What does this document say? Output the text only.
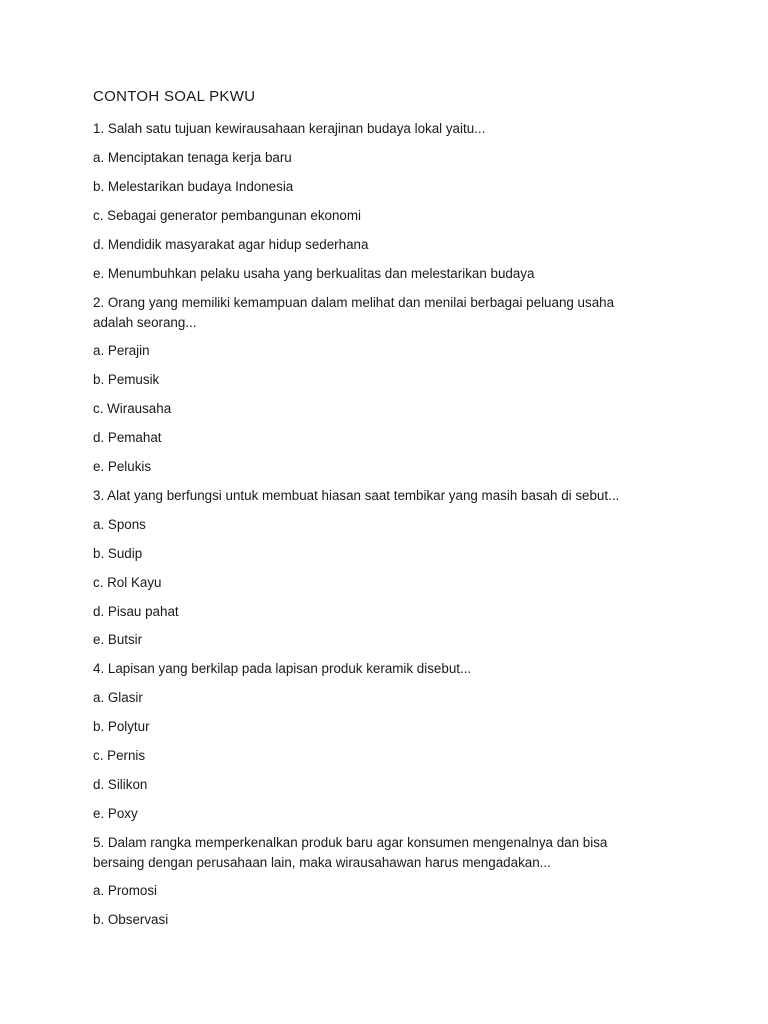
CONTOH SOAL PKWU

1. Salah satu tujuan kewirausahaan kerajinan budaya lokal yaitu...

a. Menciptakan tenaga kerja baru

b. Melestarikan budaya Indonesia

c. Sebagai generator pembangunan ekonomi

d. Mendidik masyarakat agar hidup sederhana

e. Menumbuhkan pelaku usaha yang berkualitas dan melestarikan budaya

2. Orang yang memiliki kemampuan dalam melihat dan menilai berbagai peluang usaha adalah seorang...

a. Perajin

b. Pemusik

c. Wirausaha

d. Pemahat

e. Pelukis

3. Alat yang berfungsi untuk membuat hiasan saat tembikar yang masih basah di sebut...

a. Spons

b. Sudip

c. Rol Kayu

d. Pisau pahat

e. Butsir

4. Lapisan yang berkilap pada lapisan produk keramik disebut...

a. Glasir

b. Polytur

c. Pernis

d. Silikon

e. Poxy

5. Dalam rangka memperkenalkan produk baru agar konsumen mengenalnya dan bisa bersaing dengan perusahaan lain, maka wirausahawan harus mengadakan...

a. Promosi

b. Observasi
